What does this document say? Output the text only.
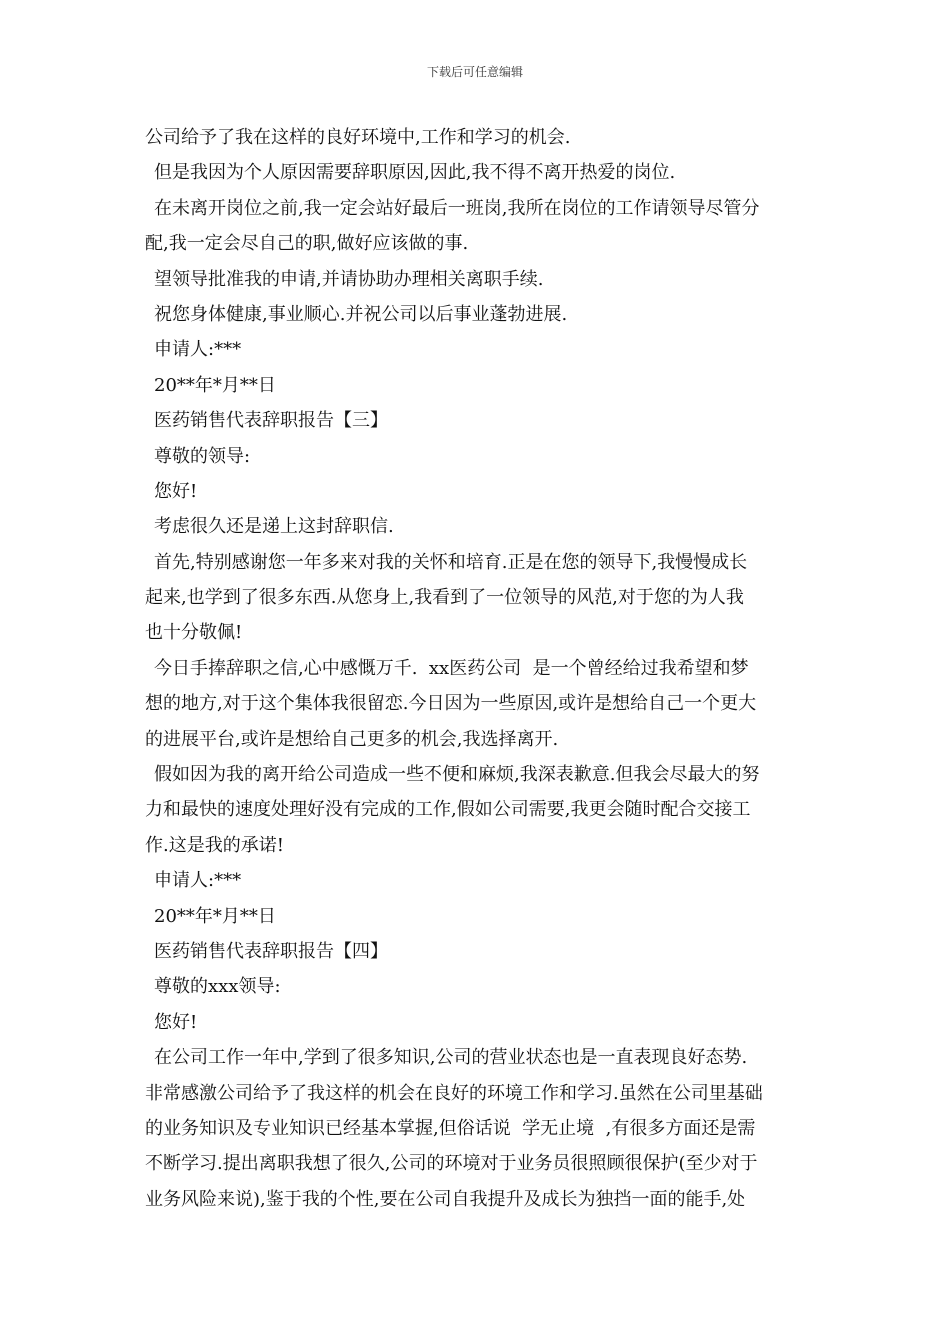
下载后可任意编辑
公司给予了我在这样的良好环境中,工作和学习的机会.
但是我因为个人原因需要辞职原因,因此,我不得不离开热爱的岗位.
在未离开岗位之前,我一定会站好最后一班岗,我所在岗位的工作请领导尽管分
配,我一定会尽自己的职,做好应该做的事.
望领导批准我的申请,并请协助办理相关离职手续.
祝您身体健康,事业顺心.并祝公司以后事业蓬勃进展.
申请人:***
20**年*月**日
医药销售代表辞职报告【三】
尊敬的领导:
您好!
考虑很久还是递上这封辞职信.
首先,特别感谢您一年多来对我的关怀和培育.正是在您的领导下,我慢慢成长
起来,也学到了很多东西.从您身上,我看到了一位领导的风范,对于您的为人我
也十分敬佩!
今日手捧辞职之信,心中感慨万千.  xx医药公司  是一个曾经给过我希望和梦
想的地方,对于这个集体我很留恋.今日因为一些原因,或许是想给自己一个更大
的进展平台,或许是想给自己更多的机会,我选择离开.
假如因为我的离开给公司造成一些不便和麻烦,我深表歉意.但我会尽最大的努
力和最快的速度处理好没有完成的工作,假如公司需要,我更会随时配合交接工
作.这是我的承诺!
申请人:***
20**年*月**日
医药销售代表辞职报告【四】
尊敬的xxx领导:
您好!
在公司工作一年中,学到了很多知识,公司的营业状态也是一直表现良好态势.
非常感激公司给予了我这样的机会在良好的环境工作和学习.虽然在公司里基础
的业务知识及专业知识已经基本掌握,但俗话说  学无止境  ,有很多方面还是需
不断学习.提出离职我想了很久,公司的环境对于业务员很照顾很保护(至少对于
业务风险来说),鉴于我的个性,要在公司自我提升及成长为独挡一面的能手,处
